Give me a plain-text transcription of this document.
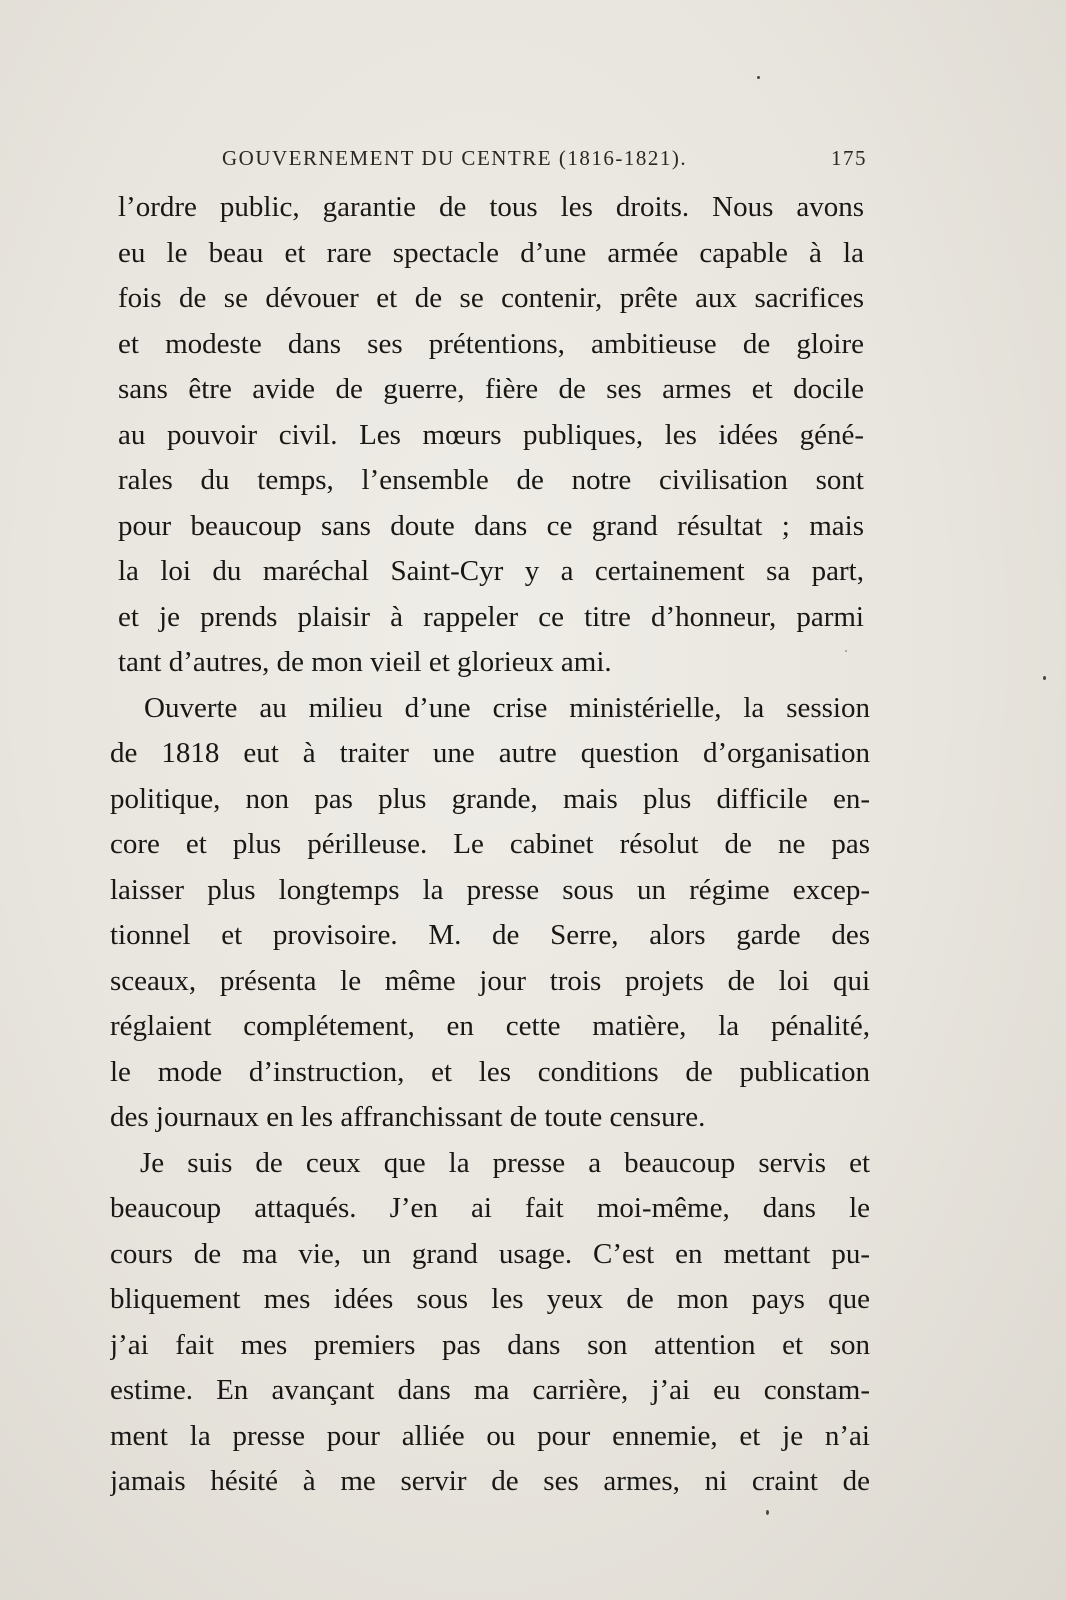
GOUVERNEMENT DU CENTRE (1816-1821).	175
l’ordre public, garantie de tous les droits. Nous avons
eu le beau et rare spectacle d’une armée capable à la
fois de se dévouer et de se contenir, prête aux sacrifices
et modeste dans ses prétentions, ambitieuse de gloire
sans être avide de guerre, fière de ses armes et docile
au pouvoir civil. Les mœurs publiques, les idées géné-
rales du temps, l’ensemble de notre civilisation sont
pour beaucoup sans doute dans ce grand résultat ; mais
la loi du maréchal Saint-Cyr y a certainement sa part,
et je prends plaisir à rappeler ce titre d’honneur, parmi
tant d’autres, de mon vieil et glorieux ami.
Ouverte au milieu d’une crise ministérielle, la session
de 1818 eut à traiter une autre question d’organisation
politique, non pas plus grande, mais plus difficile en-
core et plus périlleuse. Le cabinet résolut de ne pas
laisser plus longtemps la presse sous un régime excep-
tionnel et provisoire. M. de Serre, alors garde des
sceaux, présenta le même jour trois projets de loi qui
réglaient complétement, en cette matière, la pénalité,
le mode d’instruction, et les conditions de publication
des journaux en les affranchissant de toute censure.
Je suis de ceux que la presse a beaucoup servis et
beaucoup attaqués. J’en ai fait moi-même, dans le
cours de ma vie, un grand usage. C’est en mettant pu-
bliquement mes idées sous les yeux de mon pays que
j’ai fait mes premiers pas dans son attention et son
estime. En avançant dans ma carrière, j’ai eu constam-
ment la presse pour alliée ou pour ennemie, et je n’ai
jamais hésité à me servir de ses armes, ni craint de
